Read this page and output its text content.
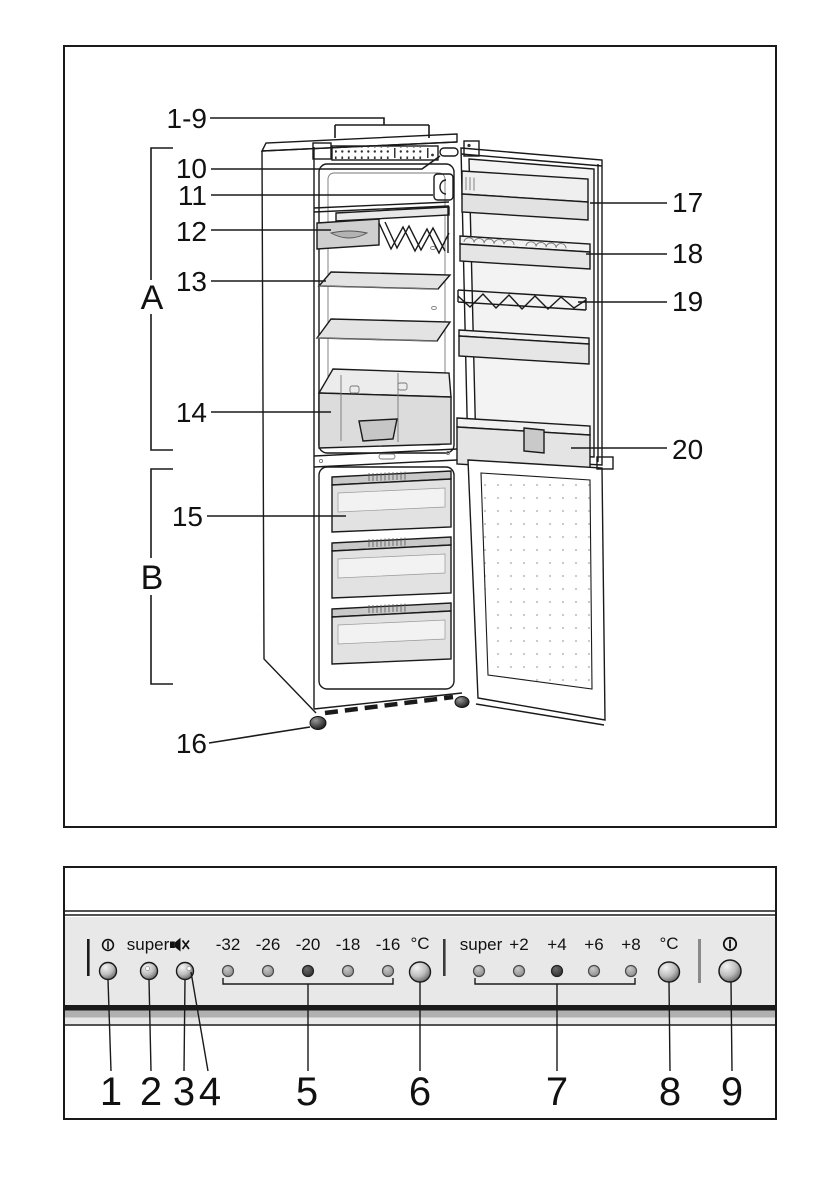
1-9
10
11
12
13
14
15
16
A
B
17
18
19
20
super	-32 -26 -20 -18 -16 °C super +2 +4 +6 +8 °C
1 2 3 4 5 6	7 8 9
